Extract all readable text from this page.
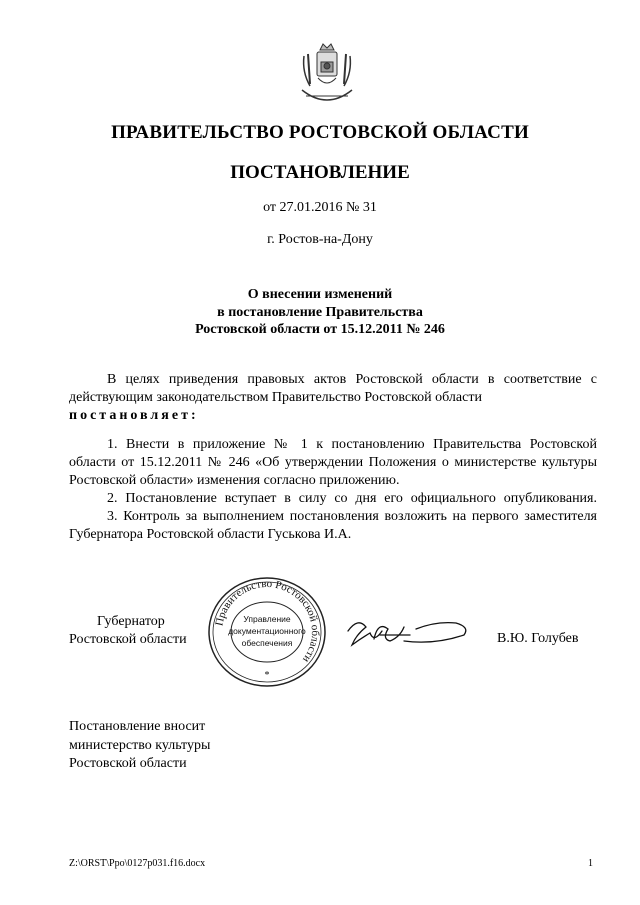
ПРАВИТЕЛЬСТВО РОСТОВСКОЙ ОБЛАСТИ
ПОСТАНОВЛЕНИЕ
от 27.01.2016 № 31
г. Ростов-на-Дону
О внесении изменений
в постановление Правительства
Ростовской области от 15.12.2011 № 246
В целях приведения правовых актов Ростовской области в соответствие с действующим законодательством Правительство Ростовской области
постановляет:

1. Внести в приложение № 1 к постановлению Правительства Ростовской области от 15.12.2011 № 246 «Об утверждении Положения о министерстве культуры Ростовской области» изменения согласно приложению.

2. Постановление вступает в силу со дня его официального опубликования.

3. Контроль за выполнением постановления возложить на первого заместителя Губернатора Ростовской области Гуськова И.А.

Губернатор
Ростовской области
Правительство Ростовской области
Управление
документационного
обеспечения
*
В.Ю. Голубев
Постановление вносит
министерство культуры
Ростовской области
Z:\ORST\Ppo\0127p031.f16.docx	1
